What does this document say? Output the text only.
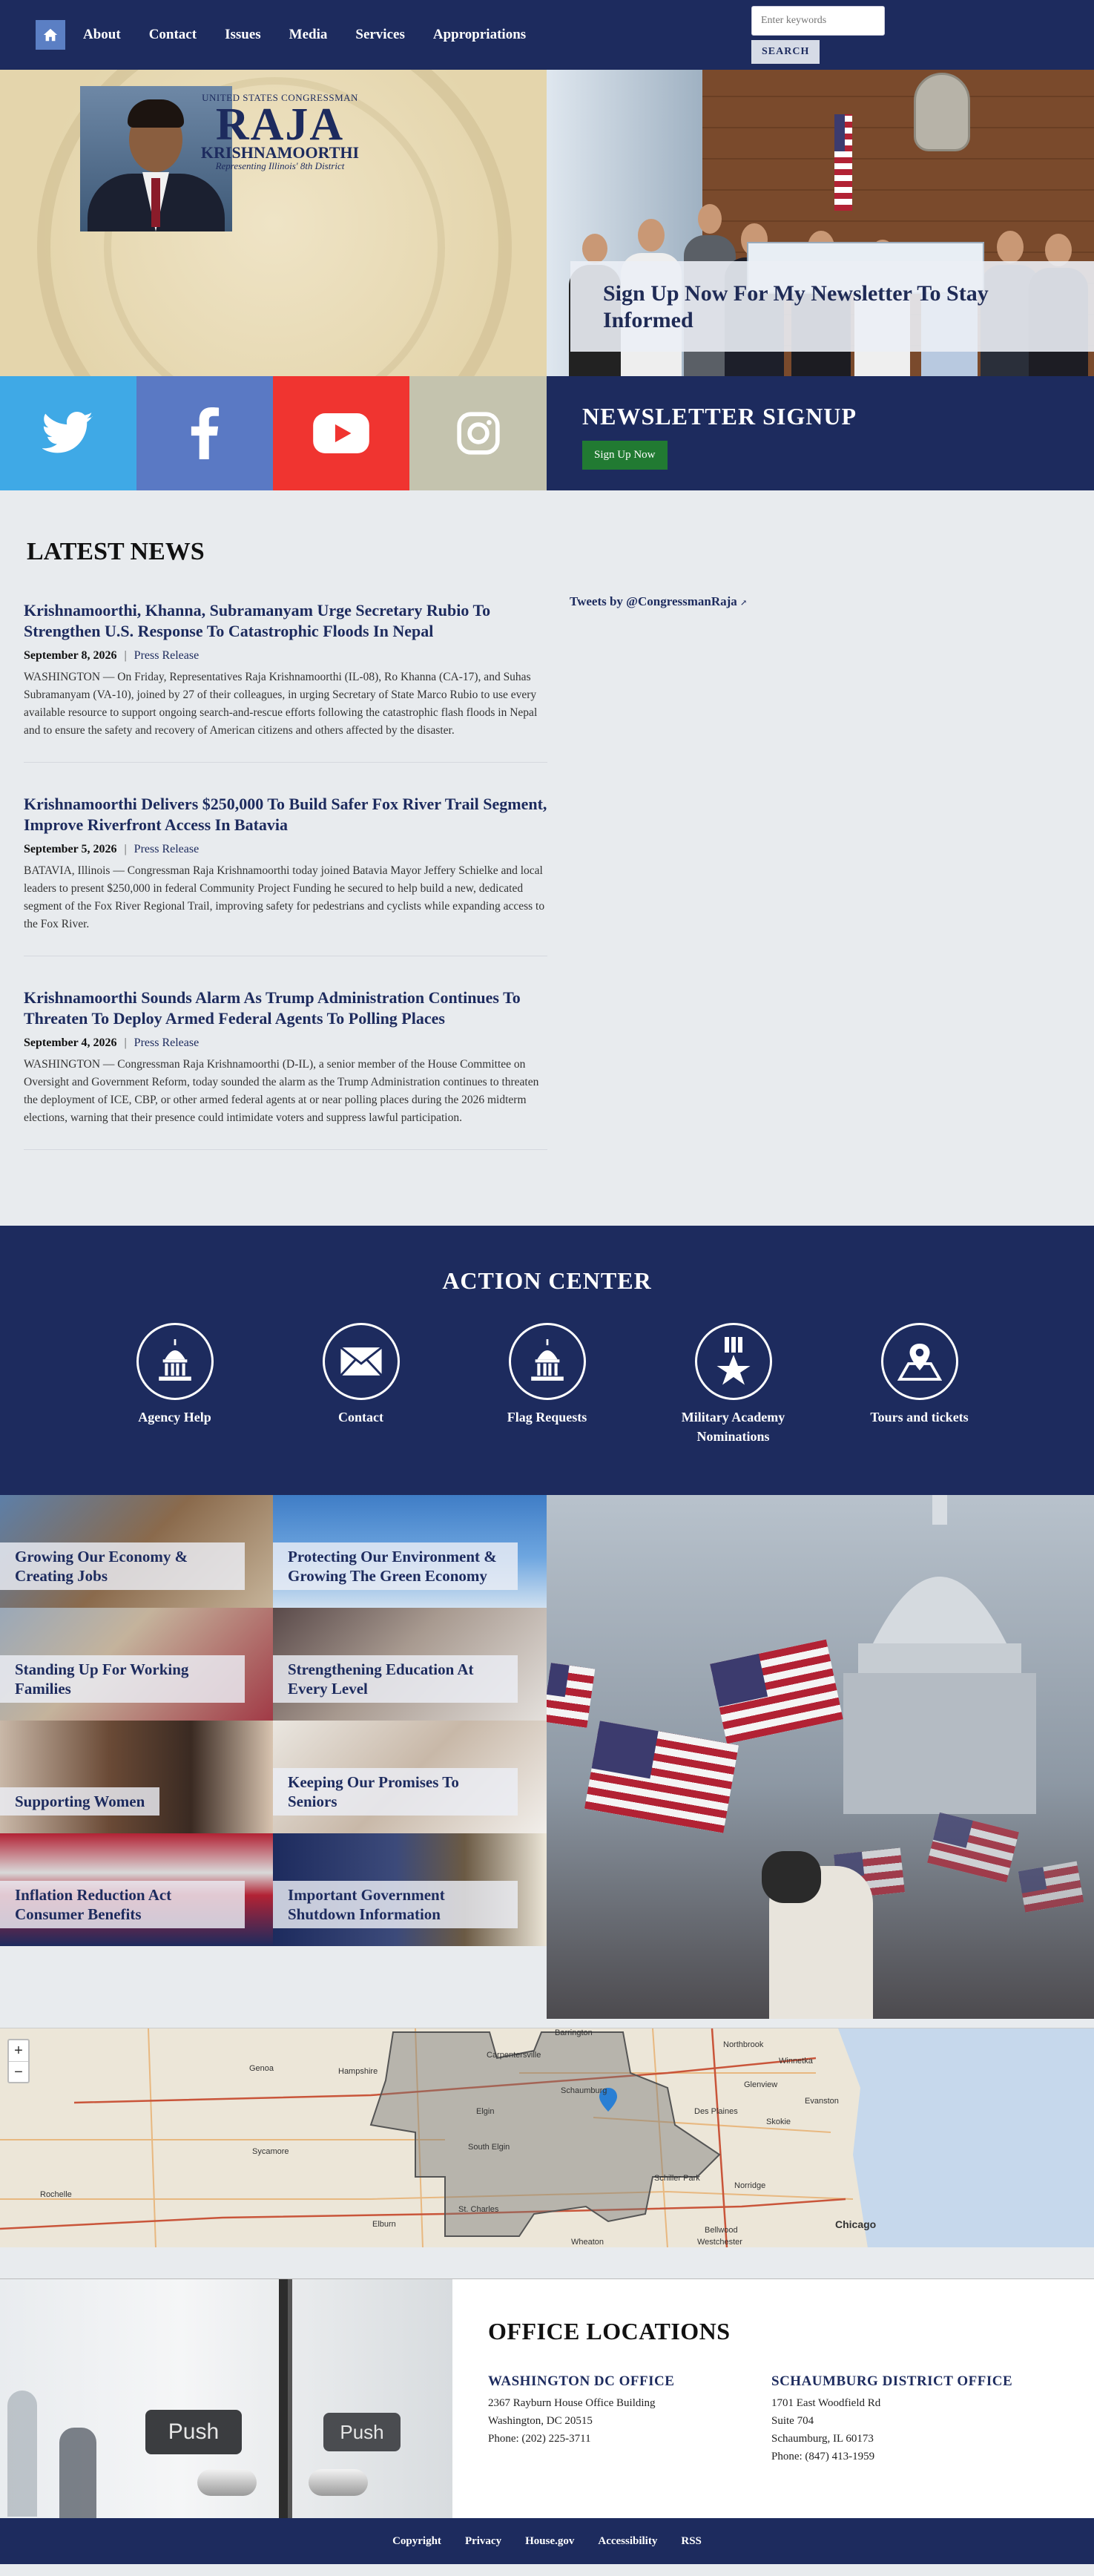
About Contact Issues Media Services Appropriations
Enter keywords SEARCH
UNITED STATES CONGRESSMAN
RAJA
KRISHNAMOORTHI
Representing Illinois' 8th District
Sign Up Now For My Newsletter To Stay Informed
NEWSLETTER SIGNUP
Sign Up Now
LATEST NEWS
Krishnamoorthi, Khanna, Subramanyam Urge Secretary Rubio To Strengthen U.S. Response To Catastrophic Floods In Nepal
September 8, 2026 | Press Release
WASHINGTON — On Friday, Representatives Raja Krishnamoorthi (IL-08), Ro Khanna (CA-17), and Suhas Subramanyam (VA-10), joined by 27 of their colleagues, in urging Secretary of State Marco Rubio to use every available resource to support ongoing search-and-rescue efforts following the catastrophic flash floods in Nepal and to ensure the safety and recovery of American citizens and others affected by the disaster.
Krishnamoorthi Delivers $250,000 To Build Safer Fox River Trail Segment, Improve Riverfront Access In Batavia
September 5, 2026 | Press Release
BATAVIA, Illinois — Congressman Raja Krishnamoorthi today joined Batavia Mayor Jeffery Schielke and local leaders to present $250,000 in federal Community Project Funding he secured to help build a new, dedicated segment of the Fox River Regional Trail, improving safety for pedestrians and cyclists while expanding access to the Fox River.
Krishnamoorthi Sounds Alarm As Trump Administration Continues To Threaten To Deploy Armed Federal Agents To Polling Places
September 4, 2026 | Press Release
WASHINGTON — Congressman Raja Krishnamoorthi (D-IL), a senior member of the House Committee on Oversight and Government Reform, today sounded the alarm as the Trump Administration continues to threaten the deployment of ICE, CBP, or other armed federal agents at or near polling places during the 2026 midterm elections, warning that their presence could intimidate voters and suppress lawful participation.
Tweets by @CongressmanRaja ↗
ACTION CENTER
Agency Help	Contact	Flag Requests	Military Academy Nominations
Tours and tickets
Growing Our Economy & Creating Jobs
Protecting Our Environment & Growing The Green Economy
Standing Up For Working Families
Strengthening Education At Every Level
Supporting Women
Keeping Our Promises To Seniors
Inflation Reduction Act Consumer Benefits
Important Government Shutdown Information
+
−	Genoa	Hampshire
Carpentersville
Barrington
Northbrook
Winnetka
Glenview
Evanston
Skokie
Des Plaines
Elgin
South Elgin
Sycamore
Schiller Park
Norridge
Rochelle
St. Charles
Elburn
Bellwood
Westchester
Chicago
Wheaton
Schaumburg
Push	Push
OFFICE LOCATIONS
WASHINGTON DC OFFICE
2367 Rayburn House Office Building
Washington, DC 20515
Phone: (202) 225-3711
SCHAUMBURG DISTRICT OFFICE
1701 East Woodfield Rd
Suite 704
Schaumburg, IL 60173
Phone: (847) 413-1959
Copyright Privacy House.gov Accessibility RSS
